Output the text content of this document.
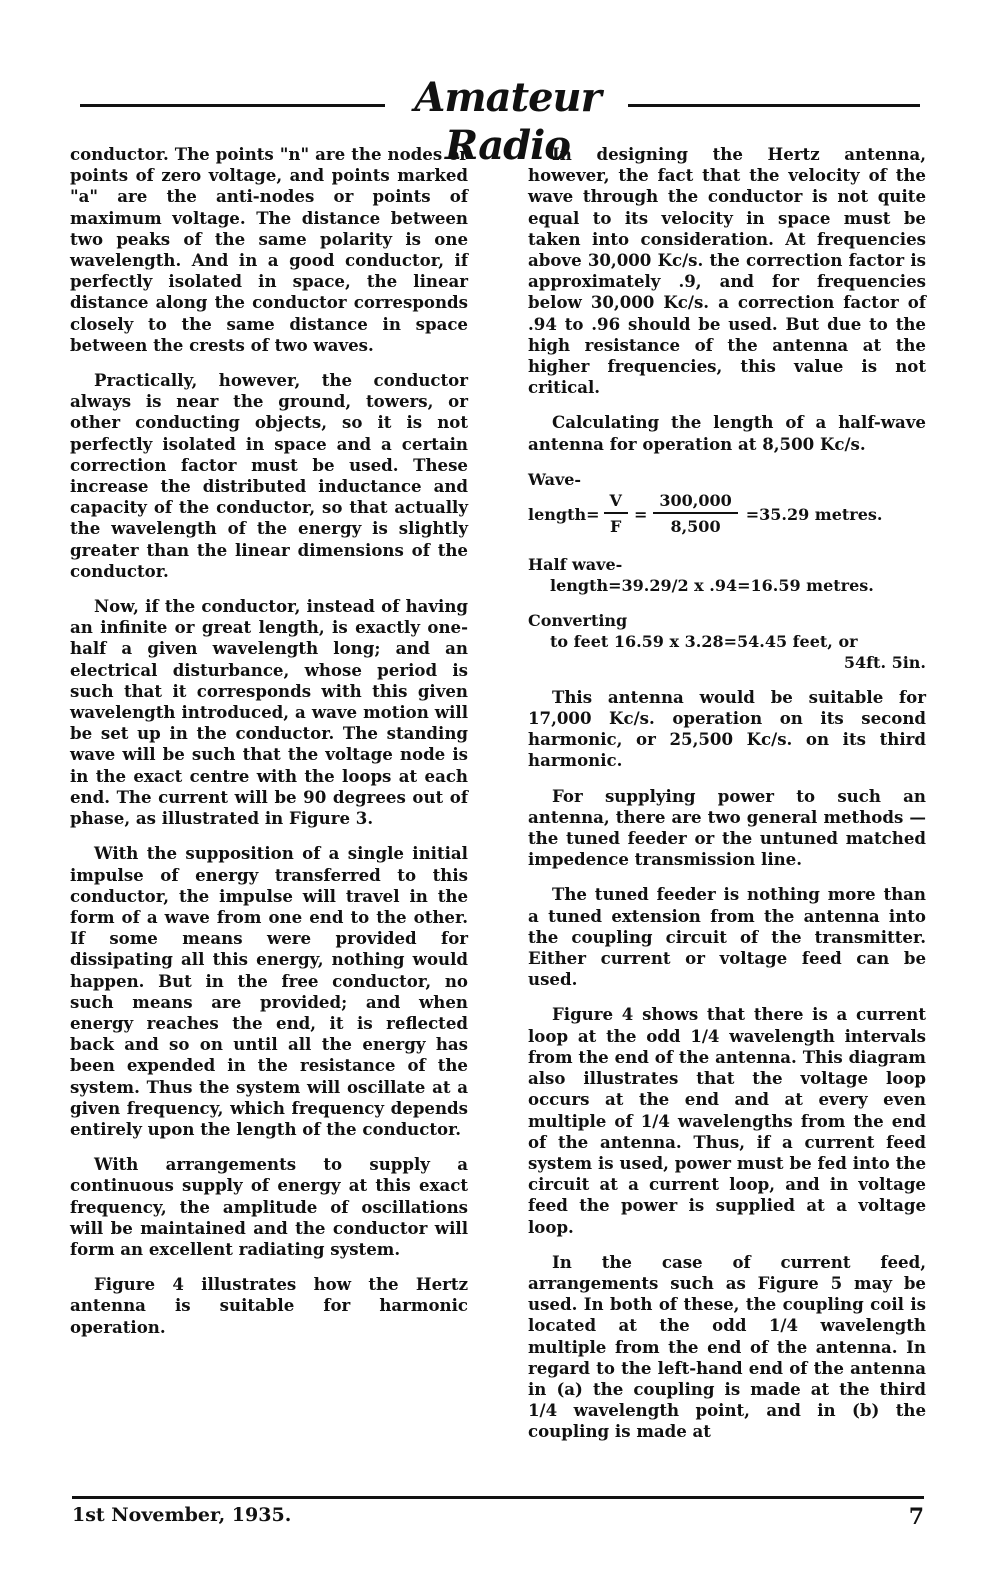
Amateur Radio

conductor. The points "n" are the nodes or points of zero voltage, and points marked "a" are the anti-nodes or points of maximum voltage. The distance between two peaks of the same polarity is one wavelength. And in a good conductor, if perfectly isolated in space, the linear distance along the conductor corresponds closely to the same distance in space between the crests of two waves.

Practically, however, the conductor always is near the ground, towers, or other conducting objects, so it is not perfectly isolated in space and a certain correction factor must be used. These increase the distributed inductance and capacity of the conductor, so that actually the wavelength of the energy is slightly greater than the linear dimensions of the conductor.

Now, if the conductor, instead of having an infinite or great length, is exactly one-half a given wavelength long; and an electrical disturbance, whose period is such that it corresponds with this given wavelength introduced, a wave motion will be set up in the conductor. The standing wave will be such that the voltage node is in the exact centre with the loops at each end. The current will be 90 degrees out of phase, as illustrated in Figure 3.

With the supposition of a single initial impulse of energy transferred to this conductor, the impulse will travel in the form of a wave from one end to the other. If some means were provided for dissipating all this energy, nothing would happen. But in the free conductor, no such means are provided; and when energy reaches the end, it is reflected back and so on until all the energy has been expended in the resistance of the system. Thus the system will oscillate at a given frequency, which frequency depends entirely upon the length of the conductor.

With arrangements to supply a continuous supply of energy at this exact frequency, the amplitude of oscillations will be maintained and the conductor will form an excellent radiating system.

Figure 4 illustrates how the Hertz antenna is suitable for harmonic operation.

In designing the Hertz antenna, however, the fact that the velocity of the wave through the conductor is not quite equal to its velocity in space must be taken into consideration. At frequencies above 30,000 Kc/s. the correction factor is approximately .9, and for frequencies below 30,000 Kc/s. a correction factor of .94 to .96 should be used. But due to the high resistance of the antenna at the higher frequencies, this value is not critical.

Calculating the length of a half-wave antenna for operation at 8,500 Kc/s.

Wave-
length= $\frac{V}{F} = \frac{300,000}{8,500} =35.29$ metres.
Half wave-
length=39.29/2 x .94=16.59 metres.
Converting
to feet 16.59 x 3.28=54.45 feet, or
54ft. 5in.

This antenna would be suitable for 17,000 Kc/s. operation on its second harmonic, or 25,500 Kc/s. on its third harmonic.

For supplying power to such an antenna, there are two general methods —the tuned feeder or the untuned matched impedence transmission line.

The tuned feeder is nothing more than a tuned extension from the antenna into the coupling circuit of the transmitter. Either current or voltage feed can be used.

Figure 4 shows that there is a current loop at the odd 1/4 wavelength intervals from the end of the antenna. This diagram also illustrates that the voltage loop occurs at the end and at every even multiple of 1/4 wavelengths from the end of the antenna. Thus, if a current feed system is used, power must be fed into the circuit at a current loop, and in voltage feed the power is supplied at a voltage loop.

In the case of current feed, arrangements such as Figure 5 may be used. In both of these, the coupling coil is located at the odd 1/4 wavelength multiple from the end of the antenna. In regard to the left-hand end of the antenna in (a) the coupling is made at the third 1/4 wavelength point, and in (b) the coupling is made at

1st November, 1935.	7
